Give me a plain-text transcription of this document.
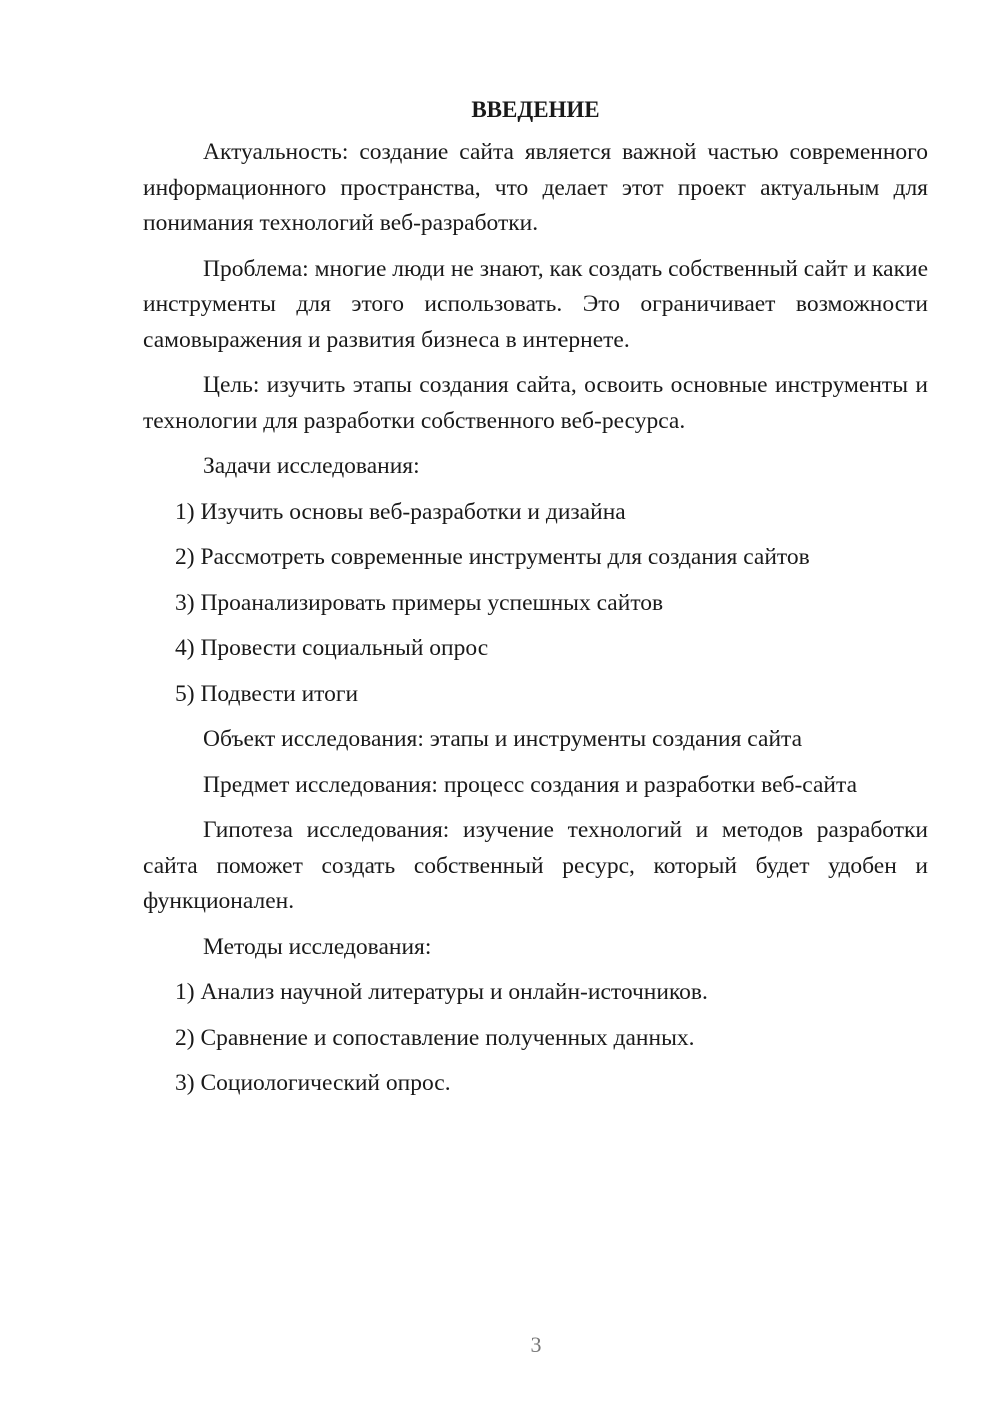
ВВЕДЕНИЕ

Актуальность: создание сайта является важной частью современного информационного пространства, что делает этот проект актуальным для понимания технологий веб-разработки.

Проблема: многие люди не знают, как создать собственный сайт и какие инструменты для этого использовать. Это ограничивает возможности самовыражения и развития бизнеса в интернете.

Цель: изучить этапы создания сайта, освоить основные инструменты и технологии для разработки собственного веб-ресурса.

Задачи исследования:

1) Изучить основы веб-разработки и дизайна

2) Рассмотреть современные инструменты для создания сайтов

3) Проанализировать примеры успешных сайтов

4) Провести социальный опрос

5) Подвести итоги

Объект исследования: этапы и инструменты создания сайта

Предмет исследования: процесс создания и разработки веб-сайта

Гипотеза исследования: изучение технологий и методов разработки сайта поможет создать собственный ресурс, который будет удобен и функционален.

Методы исследования:

1) Анализ научной литературы и онлайн-источников.

2) Сравнение и сопоставление полученных данных.

3) Социологический опрос.

3
